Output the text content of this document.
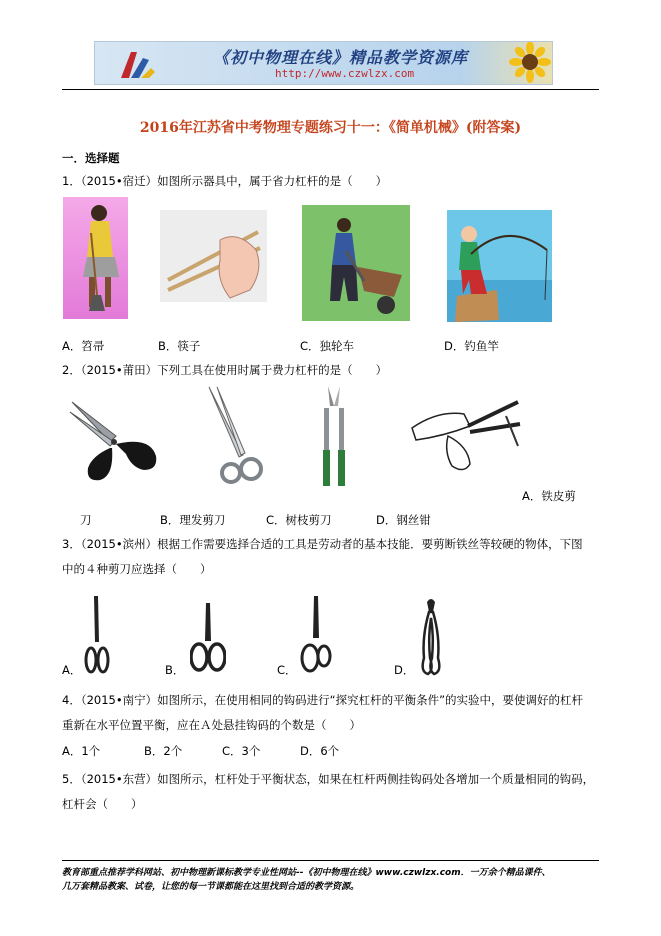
《初中物理在线》精品教学资源库
http://www.czwlzx.com
2016年江苏省中考物理专题练习十一：《简单机械》(附答案)
一．选择题
1．（2015•宿迁）如图所示器具中，属于省力杠杆的是（　　）
A．笤帚	B．筷子	C．独轮车	D．钓鱼竿
2．（2015•莆田）下列工具在使用时属于费力杠杆的是（　　）
A．铁皮剪
刀	B．理发剪刀	C．树枝剪刀	D．钢丝钳
3．（2015•滨州）根据工作需要选择合适的工具是劳动者的基本技能．要剪断铁丝等较硬的物体，下图
中的４种剪刀应选择（　　）
A．	B．	C．	D．
4．（2015•南宁）如图所示，在使用相同的钩码进行“探究杠杆的平衡条件”的实验中，要使调好的杠杆
重新在水平位置平衡，应在Ａ处悬挂钩码的个数是（　　）
A．1个	B．2个	C．3个	D．6个
5．（2015•东营）如图所示，杠杆处于平衡状态，如果在杠杆两侧挂钩码处各增加一个质量相同的钩码，
杠杆会（　　）
教育部重点推荐学科网站、初中物理新课标教学专业性网站--《初中物理在线》www.czwlzx.com．一万余个精品课件、
几万套精品教案、试卷，让您的每一节课都能在这里找到合适的教学资源。
